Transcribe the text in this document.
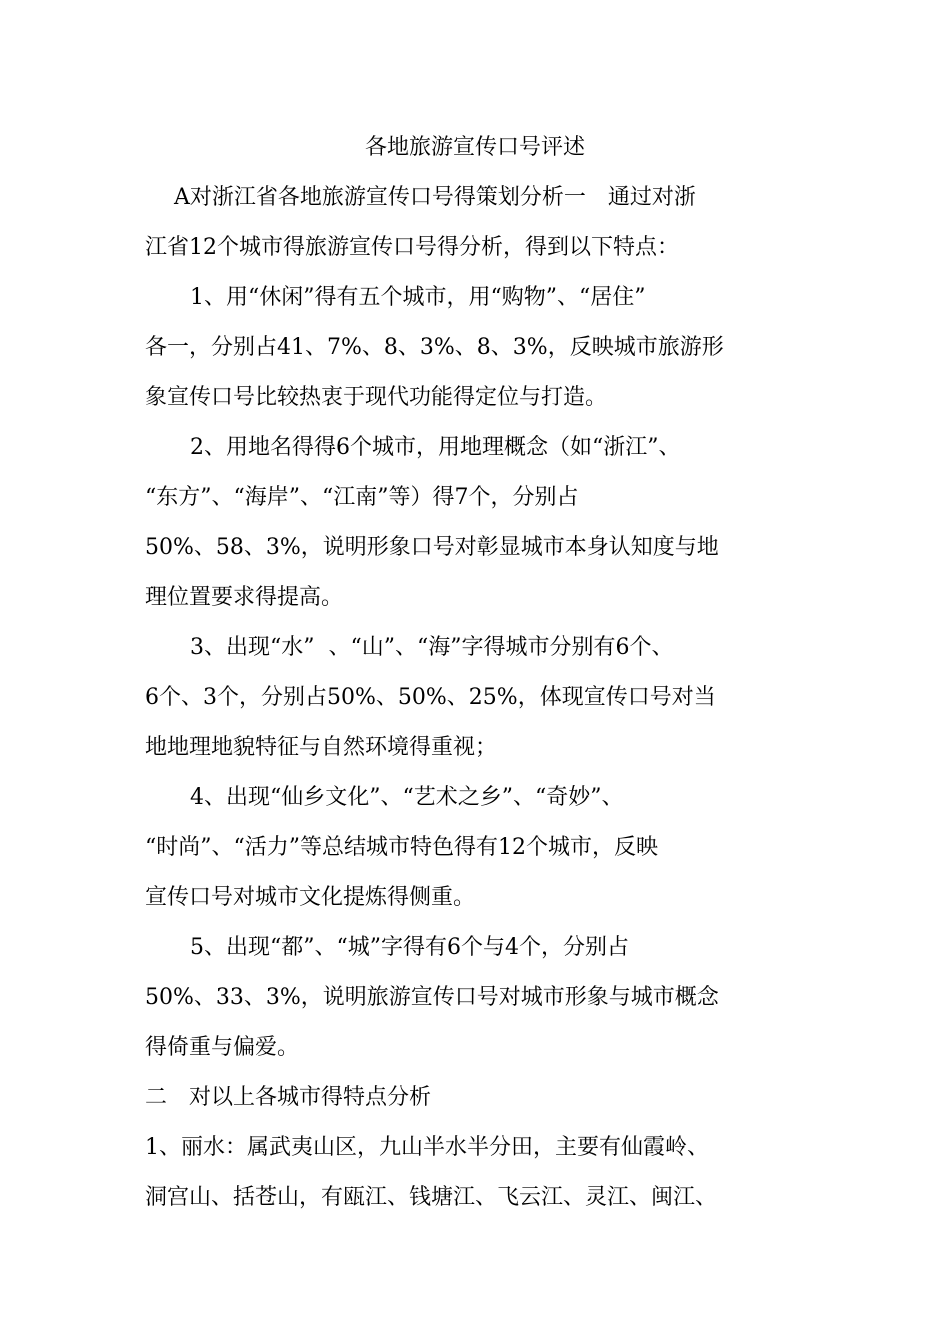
各地旅游宣传口号评述
A对浙江省各地旅游宣传口号得策划分析一　通过对浙
江省12个城市得旅游宣传口号得分析，得到以下特点：
1、用“休闲”得有五个城市，用“购物”、“居住”
各一，分别占41、7%、8、3%、8、3%，反映城市旅游形
象宣传口号比较热衷于现代功能得定位与打造。
2、用地名得得6个城市，用地理概念（如“浙江”、
“东方”、“海岸”、“江南”等）得7个，分别占
50%、58、3%，说明形象口号对彰显城市本身认知度与地
理位置要求得提高。
3、出现“水”  、“山”、“海”字得城市分别有6个、
6个、3个，分别占50%、50%、25%，体现宣传口号对当
地地理地貌特征与自然环境得重视；
4、出现“仙乡文化”、“艺术之乡”、“奇妙”、
“时尚”、“活力”等总结城市特色得有12个城市，反映
宣传口号对城市文化提炼得侧重。
5、出现“都”、“城”字得有6个与4个，分别占
50%、33、3%，说明旅游宣传口号对城市形象与城市概念
得倚重与偏爱。
二　对以上各城市得特点分析
1、丽水：属武夷山区，九山半水半分田，主要有仙霞岭、
洞宫山、括苍山，有瓯江、钱塘江、飞云江、灵江、闽江、
